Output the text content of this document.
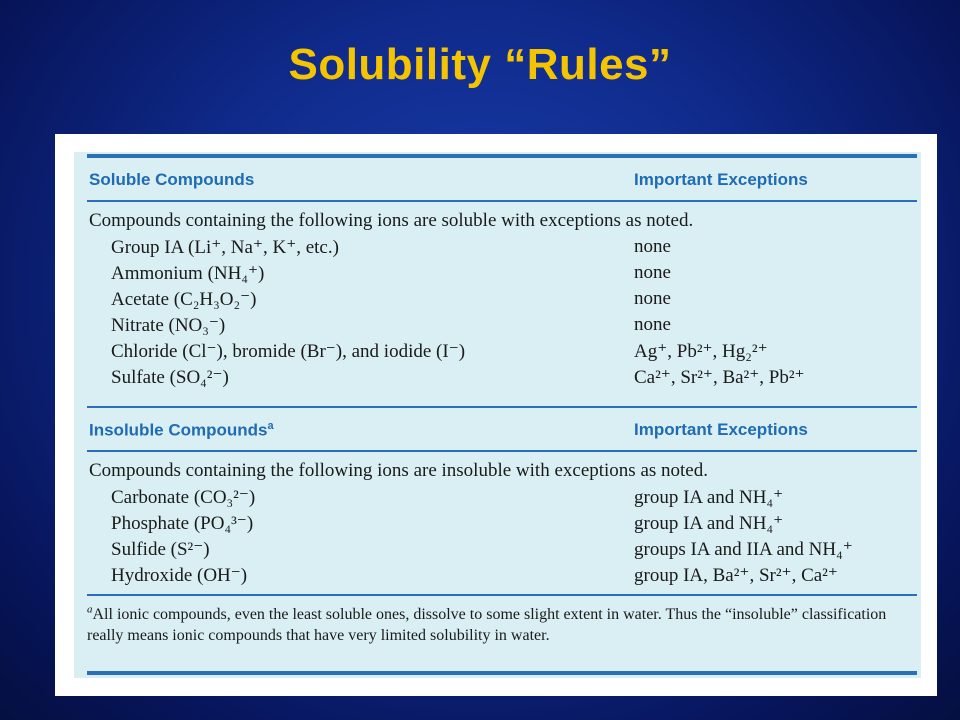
Solubility “Rules”
Soluble Compounds	Important Exceptions
Compounds containing the following ions are soluble with exceptions as noted.
Group IA (Li⁺, Na⁺, K⁺, etc.)	none
Ammonium (NH₄⁺)	none
Acetate (C₂H₃O₂⁻)	none
Nitrate (NO₃⁻)	none
Chloride (Cl⁻), bromide (Br⁻), and iodide (I⁻)	Ag⁺, Pb²⁺, Hg₂²⁺
Sulfate (SO₄²⁻)	Ca²⁺, Sr²⁺, Ba²⁺, Pb²⁺
Insoluble Compounds$^a$	Important Exceptions
Compounds containing the following ions are insoluble with exceptions as noted.
Carbonate (CO₃²⁻)	group IA and NH₄⁺
Phosphate (PO₄³⁻)	group IA and NH₄⁺
Sulfide (S²⁻)	groups IA and IIA and NH₄⁺
Hydroxide (OH⁻)	group IA, Ba²⁺, Sr²⁺, Ca²⁺
$^a$All ionic compounds, even the least soluble ones, dissolve to some slight extent in water. Thus the “insoluble” classification really means ionic compounds that have very limited solubility in water.
